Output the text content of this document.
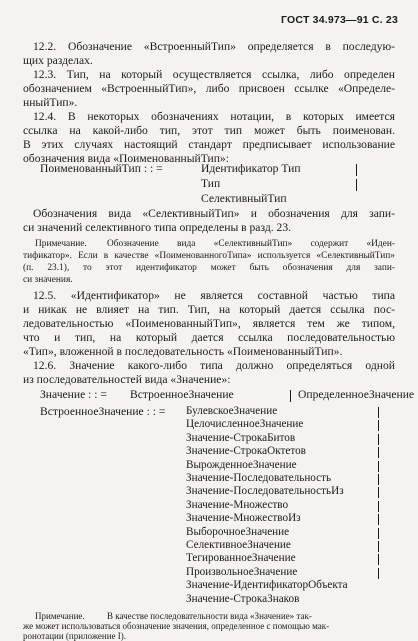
ГОСТ 34.973—91 С. 23
12.2. Обозначение «ВстроенныйТип» определяется в последую-
щих разделах.
12.3. Тип, на который осуществляется ссылка, либо определен
обозначением «ВстроенныйТип», либо присвоен ссылке «Определе-
нныйТип».
12.4. В некоторых обозначениях нотации, в которых имеется
ссылка на какой-либо тип, этот тип может быть поименован.
В этих случаях настоящий стандарт предписывает использование
обозначения вида «ПоименованныйТип»:
ПоименованныйТип : : =	Идентификатор Тип
Тип
СелективныйТип
Обозначения вида «СелективныйТип» и обозначения для запи-
си значений селективного типа определены в разд. 23.
Примечание. Обозначение вида «СелективныйТип» содержит «Иден-
тификатор». Если в качестве «ПоименованногоТипа» используется «СелективныйТип»
(п. 23.1), то этот идентификатор может быть обозначения для запи-
си значения.
12.5. «Идентификатор» не является составной частью типа
и никак не влияет на тип. Тип, на который дается ссылка пос-
ледовательностью «ПоименованныйТип», является тем же типом,
что и тип, на который дается ссылка последовательностью
«Тип», вложенной в последовательность «ПоименованныйТип».
12.6. Значение какого-либо типа должно определяться одной
из последовательностей вида «Значение»:
Значение : : = ВстроенноеЗначение	ОпределенноеЗначение
ВстроенноеЗначение : : = БулевскоеЗначение
ЦелочисленноеЗначение
Значение-СтрокаБитов
Значение-СтрокаОктетов
ВырожденноеЗначение
Значение-Последовательность
Значение-ПоследовательностьИз
Значение-Множество
Значение-МножествоИз
ВыборочноеЗначение
СелективноеЗначение
ТегированноеЗначение
ПроизвольноеЗначение
Значение-ИдентификаторОбъекта
Значение-СтрокаЗнаков
Примечание. В качестве последовательности вида «Значение» так-
же может использоваться обозначение значения, определенное с помощью мак-
ронотации (приложение I).
